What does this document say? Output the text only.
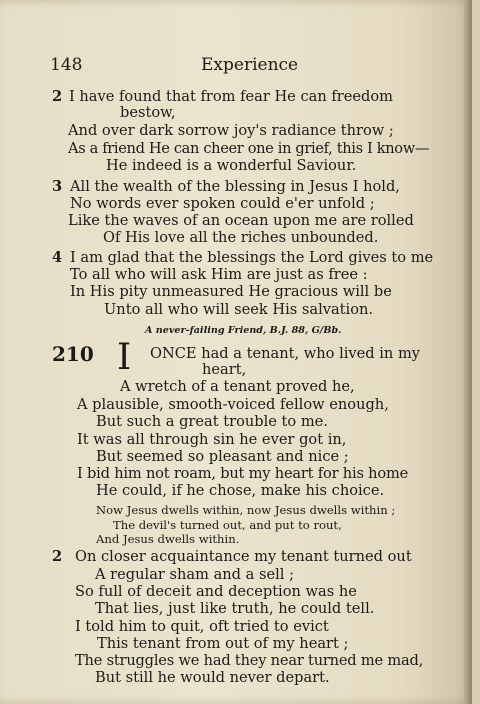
148	Experience
2 I have found that from fear He can freedom
bestow,
And over dark sorrow joy's radiance throw ;
As a friend He can cheer one in grief, this I know—
He indeed is a wonderful Saviour.
3 All the wealth of the blessing in Jesus I hold,
No words ever spoken could e'er unfold ;
Like the waves of an ocean upon me are rolled
Of His love all the riches unbounded.
4 I am glad that the blessings the Lord gives to me
To all who will ask Him are just as free :
In His pity unmeasured He gracious will be
Unto all who will seek His salvation.
A never-failing Friend, B.J. 88, G/Bb.
210 I ONCE had a tenant, who lived in my
heart,
A wretch of a tenant proved he,
A plausible, smooth-voiced fellow enough,
But such a great trouble to me.
It was all through sin he ever got in,
But seemed so pleasant and nice ;
I bid him not roam, but my heart for his home
He could, if he chose, make his choice.
Now Jesus dwells within, now Jesus dwells within ;
The devil's turned out, and put to rout,
And Jesus dwells within.
2 On closer acquaintance my tenant turned out
A regular sham and a sell ;
So full of deceit and deception was he
That lies, just like truth, he could tell.
I told him to quit, oft tried to evict
This tenant from out of my heart ;
The struggles we had they near turned me mad,
But still he would never depart.
